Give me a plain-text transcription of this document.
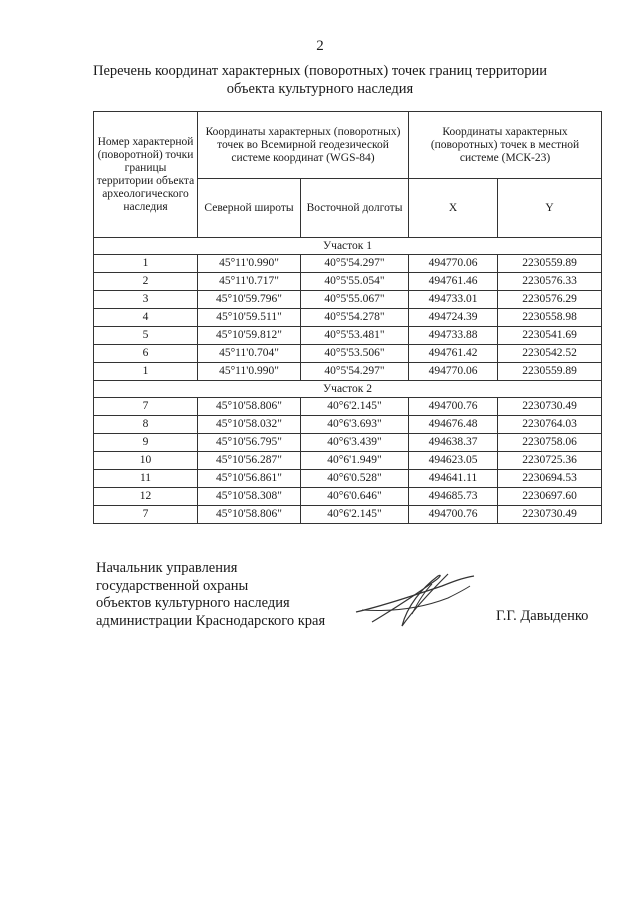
2
Перечень координат характерных (поворотных) точек границ территории
объекта культурного наследия
Номер характерной (поворотной) точки границы территории объекта археологического наследия	Координаты характерных (поворотных) точек во Всемирной геодезической системе координат (WGS-84)		Координаты характерных (поворотных) точек в местной системе (МСК-23)	
	Северной широты	Восточной долготы	X	Y
Участок 1				
1	45°11'0.990"	40°5'54.297"	494770.06	2230559.89
2	45°11'0.717"	40°5'55.054"	494761.46	2230576.33
3	45°10'59.796"	40°5'55.067"	494733.01	2230576.29
4	45°10'59.511"	40°5'54.278"	494724.39	2230558.98
5	45°10'59.812"	40°5'53.481"	494733.88	2230541.69
6	45°11'0.704"	40°5'53.506"	494761.42	2230542.52
1	45°11'0.990"	40°5'54.297"	494770.06	2230559.89
Участок 2				
7	45°10'58.806"	40°6'2.145"	494700.76	2230730.49
8	45°10'58.032"	40°6'3.693"	494676.48	2230764.03
9	45°10'56.795"	40°6'3.439"	494638.37	2230758.06
10	45°10'56.287"	40°6'1.949"	494623.05	2230725.36
11	45°10'56.861"	40°6'0.528"	494641.11	2230694.53
12	45°10'58.308"	40°6'0.646"	494685.73	2230697.60
7	45°10'58.806"	40°6'2.145"	494700.76	2230730.49
Начальник управления
государственной охраны
объектов культурного наследия
администрации Краснодарского края	Г.Г. Давыденко
